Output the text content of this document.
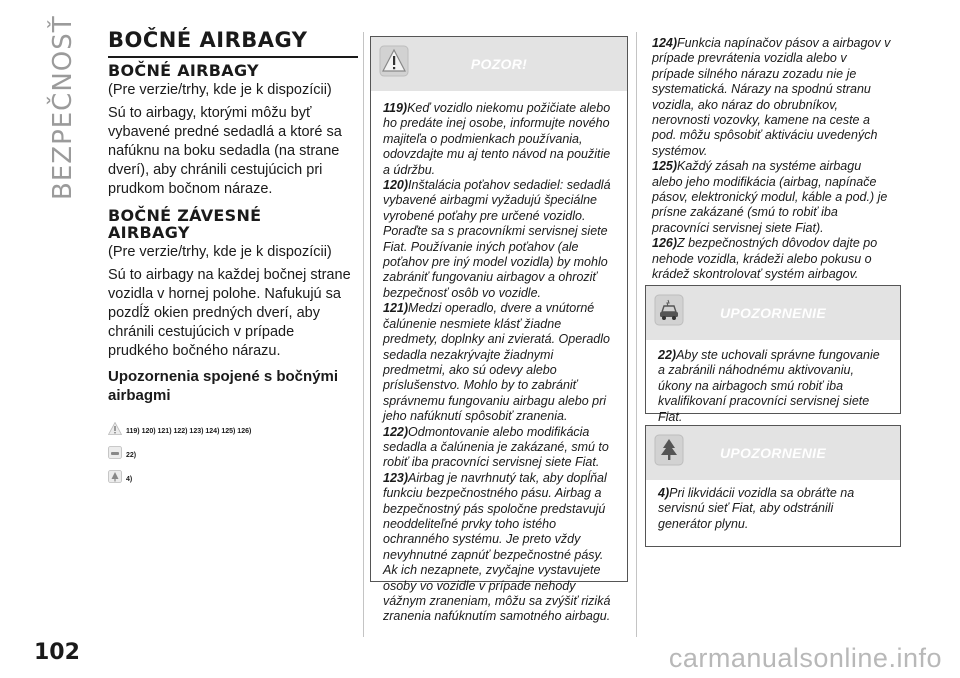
BEZPEČNOSŤ
102	carmanualsonline.info
BOČNÉ AIRBAGY
BOČNÉ AIRBAGY

(Pre verzie/trhy, kde je k dispozícii)

Sú to airbagy, ktorými môžu byť vybavené predné sedadlá a ktoré sa nafúknu na boku sedadla (na strane dverí), aby chránili cestujúcich pri prudkom bočnom náraze.

BOČNÉ ZÁVESNÉ AIRBAGY

(Pre verzie/trhy, kde je k dispozícii)

Sú to airbagy na každej bočnej strane vozidla v hornej polohe. Nafukujú sa pozdĺž okien predných dverí, aby chránili cestujúcich v prípade prudkého bočného nárazu.

Upozornenia spojené s bočnými airbagmi
119) 120) 121) 122) 123) 124) 125) 126)
22)
4)
POZOR!

119)Keď vozidlo niekomu požičiate alebo ho predáte inej osobe, informujte nového majiteľa o podmienkach používania, odovzdajte mu aj tento návod na použitie a údržbu.

120)Inštalácia poťahov sedadiel: sedadlá vybavené airbagmi vyžadujú špeciálne vyrobené poťahy pre určené vozidlo. Poraďte sa s pracovníkmi servisnej siete Fiat. Používanie iných poťahov (ale poťahov pre iný model vozidla) by mohlo zabrániť fungovaniu airbagov a ohroziť bezpečnosť osôb vo vozidle.

121)Medzi operadlo, dvere a vnútorné čalúnenie nesmiete klásť žiadne predmety, doplnky ani zvieratá. Operadlo sedadla nezakrývajte žiadnymi predmetmi, ako sú odevy alebo príslušenstvo. Mohlo by to zabrániť správnemu fungovaniu airbagu alebo pri jeho nafúknutí spôsobiť zranenia.

122)Odmontovanie alebo modifikácia sedadla a čalúnenia je zakázané, smú to robiť iba pracovníci servisnej siete Fiat.

123)Airbag je navrhnutý tak, aby dopĺňal funkciu bezpečnostného pásu. Airbag a bezpečnostný pás spoločne predstavujú neoddeliteľné prvky toho istého ochranného systému. Je preto vždy nevyhnutné zapnúť bezpečnostné pásy. Ak ich nezapnete, zvyčajne vystavujete osoby vo vozidle v prípade nehody vážnym zraneniam, môžu sa zvýšiť riziká zranenia nafúknutím samotného airbagu.

124)Funkcia napínačov pásov a airbagov v prípade prevrátenia vozidla alebo v prípade silného nárazu zozadu nie je systematická. Nárazy na spodnú stranu vozidla, ako náraz do obrubníkov, nerovnosti vozovky, kamene na ceste a pod. môžu spôsobiť aktiváciu uvedených systémov.

125)Každý zásah na systéme airbagu alebo jeho modifikácia (airbag, napínače pásov, elektronický modul, káble a pod.) je prísne zakázané (smú to robiť iba pracovníci servisnej siete Fiat).

126)Z bezpečnostných dôvodov dajte po nehode vozidla, krádeži alebo pokusu o krádež skontrolovať systém airbagov.

UPOZORNENIE

22)Aby ste uchovali správne fungovanie a zabránili náhodnému aktivovaniu, úkony na airbagoch smú robiť iba kvalifikovaní pracovníci servisnej siete Fiat.

UPOZORNENIE

4)Pri likvidácii vozidla sa obráťte na servisnú sieť Fiat, aby odstránili generátor plynu.
